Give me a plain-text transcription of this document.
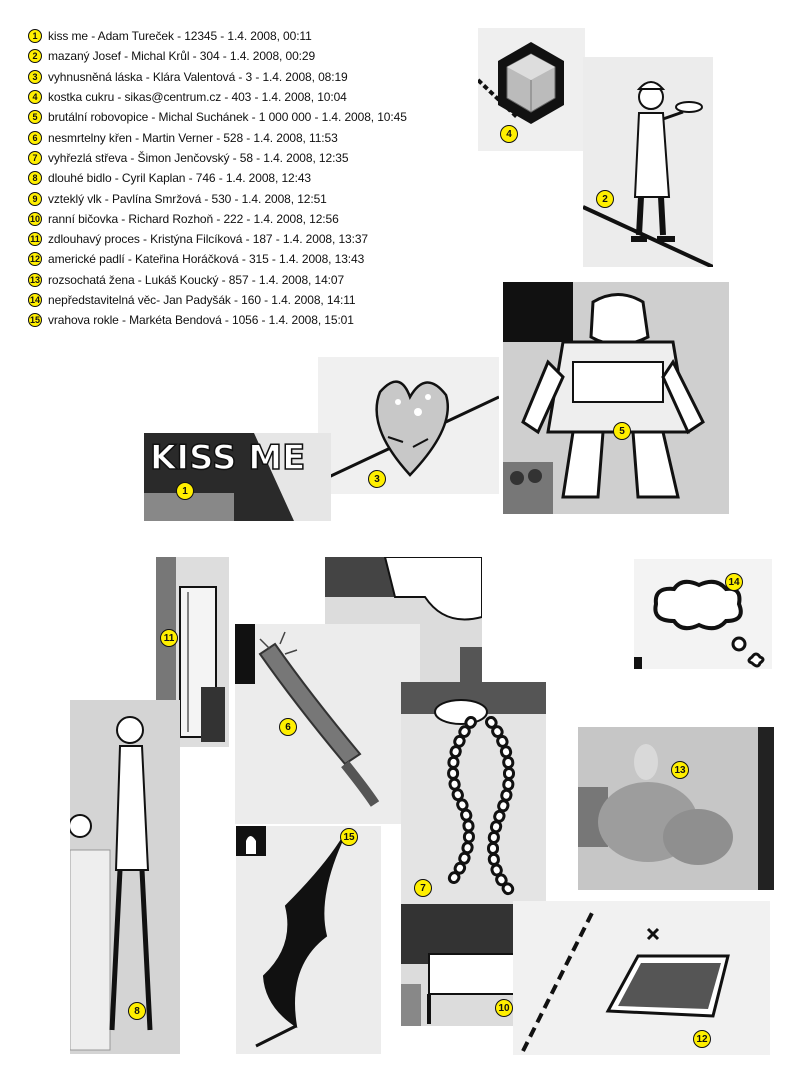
1 kiss me - Adam Tureček - 12345 - 1.4. 2008, 00:11
2 mazaný Josef - Michal Krůl - 304 - 1.4. 2008, 00:29
3 vyhnusněná láska - Klára Valentová - 3 - 1.4. 2008, 08:19
4 kostka cukru - sikas@centrum.cz - 403 - 1.4. 2008, 10:04
5 brutální robovopice - Michal Suchánek - 1 000 000 - 1.4. 2008, 10:45
6 nesmrtelny křen - Martin Verner - 528 - 1.4. 2008, 11:53
7 vyhřezlá střeva - Šimon Jenčovský - 58 - 1.4. 2008, 12:35
8 dlouhé bidlo - Cyril Kaplan - 746 - 1.4. 2008, 12:43
9 vzteklý vlk - Pavlína Smržová - 530 - 1.4. 2008, 12:51
10 ranní bičovka - Richard Rozhoň - 222 - 1.4. 2008, 12:56
11 zdlouhavý proces - Kristýna Filcíková - 187 - 1.4. 2008, 13:37
12 americké padlí - Kateřina Horáčková - 315 - 1.4. 2008, 13:43
13 rozsochatá žena - Lukáš Koucký - 857 - 1.4. 2008, 14:07
14 nepředstavitelná věc- Jan Padyšák - 160 - 1.4. 2008, 14:11
15 vrahova rokle - Markéta Bendová - 1056 - 1.4. 2008, 15:01
4
2
5
3
KISS ME
1
11
14
6
8
7
13
15
10
12
